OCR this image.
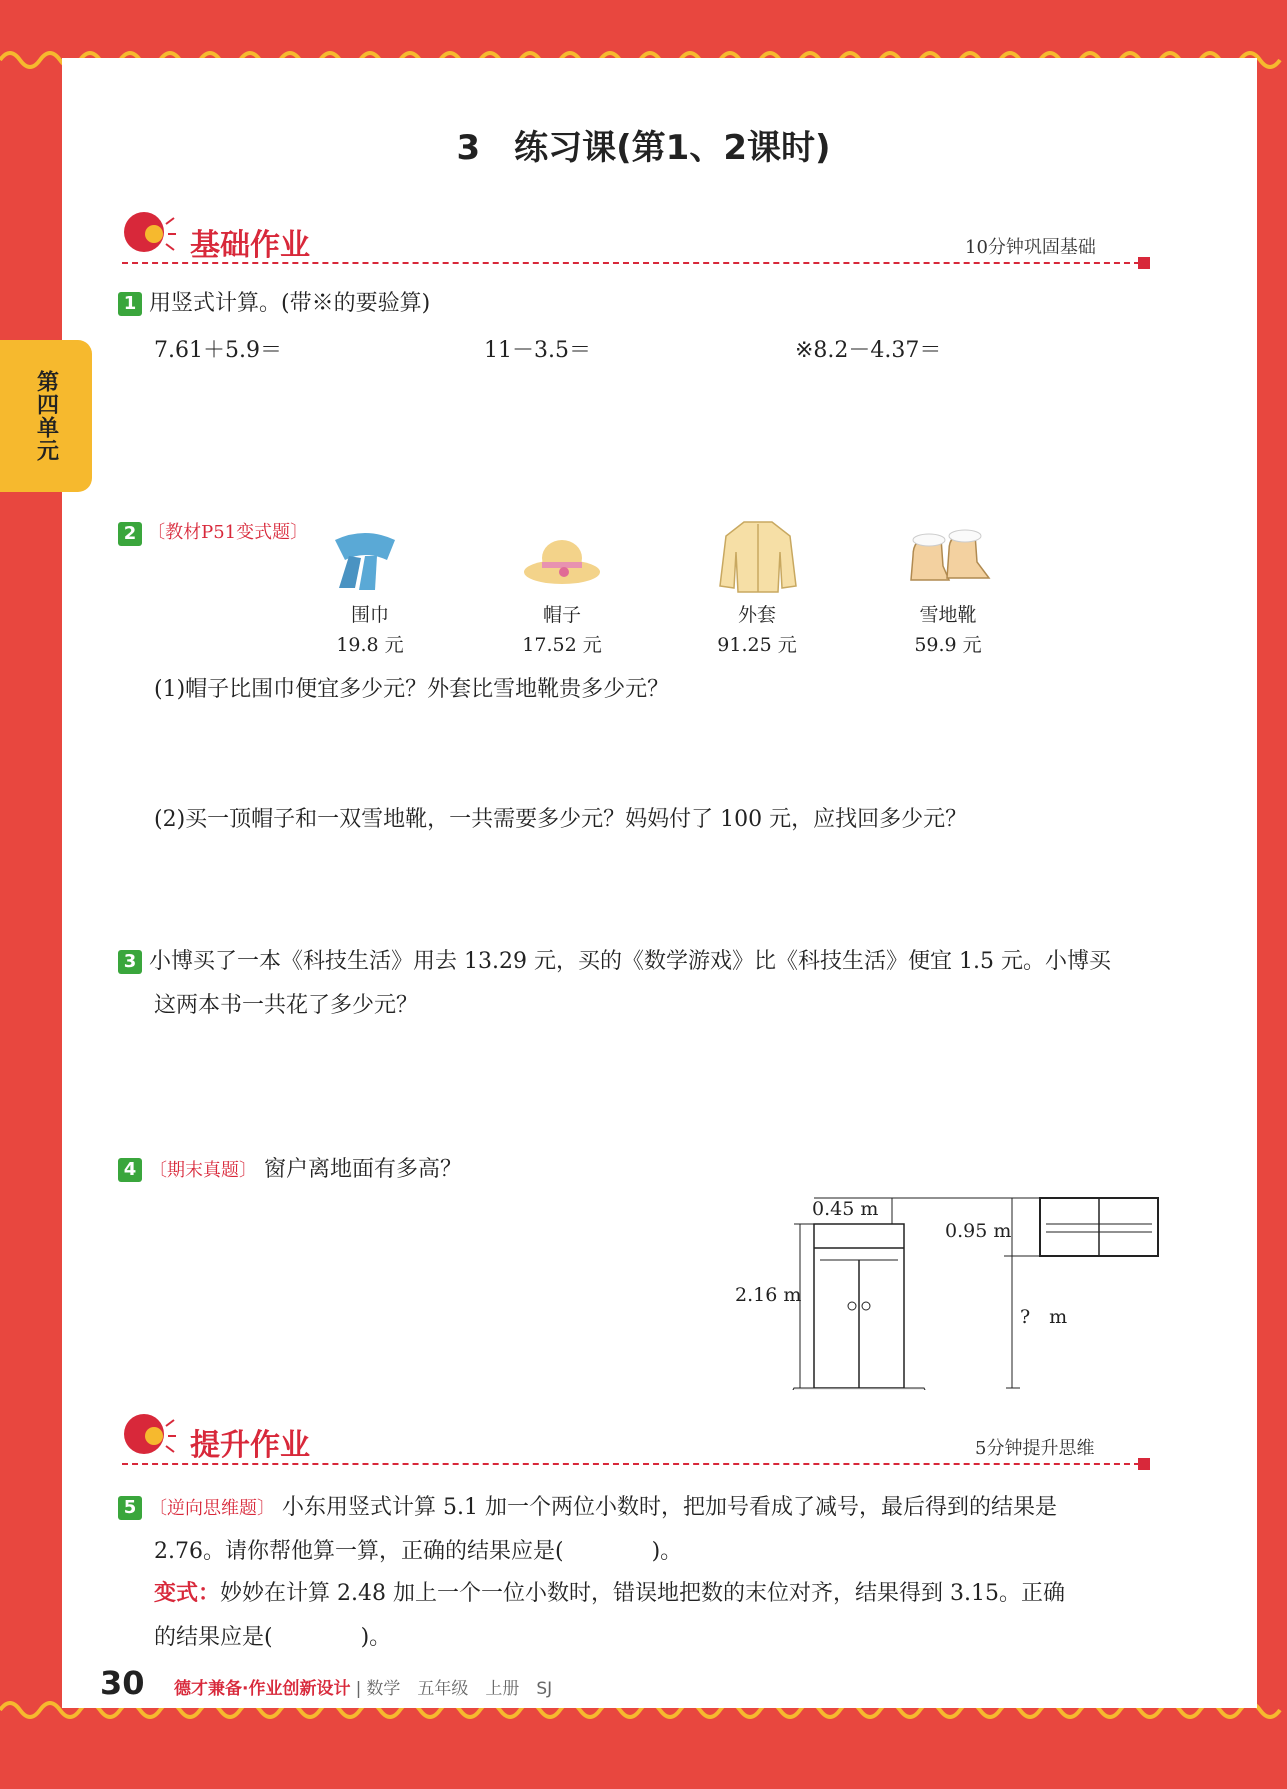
第四单元
3　练习课(第1、2课时)
基础作业	10分钟巩固基础
1 用竖式计算。(带※的要验算)
7.61＋5.9＝	11－3.5＝	※8.2－4.37＝
2 〔教材P51变式题〕
围巾
19.8 元
帽子
17.52 元
外套
91.25 元
雪地靴
59.9 元
(1)帽子比围巾便宜多少元？外套比雪地靴贵多少元？
(2)买一顶帽子和一双雪地靴，一共需要多少元？妈妈付了 100 元，应找回多少元？
3 小博买了一本《科技生活》用去 13.29 元，买的《数学游戏》比《科技生活》便宜 1.5 元。小博买
这两本书一共花了多少元？
4 〔期末真题〕 窗户离地面有多高？
0.45 m
0.95 m
2.16 m
?　m
提升作业	5分钟提升思维
5 〔逆向思维题〕 小东用竖式计算 5.1 加一个两位小数时，把加号看成了减号，最后得到的结果是
2.76。请你帮他算一算，正确的结果应是(　　　　)。
变式：妙妙在计算 2.48 加上一个一位小数时，错误地把数的末位对齐，结果得到 3.15。正确
的结果应是(　　　　)。
30 德才兼备·作业创新设计 | 数学　五年级　上册　SJ
